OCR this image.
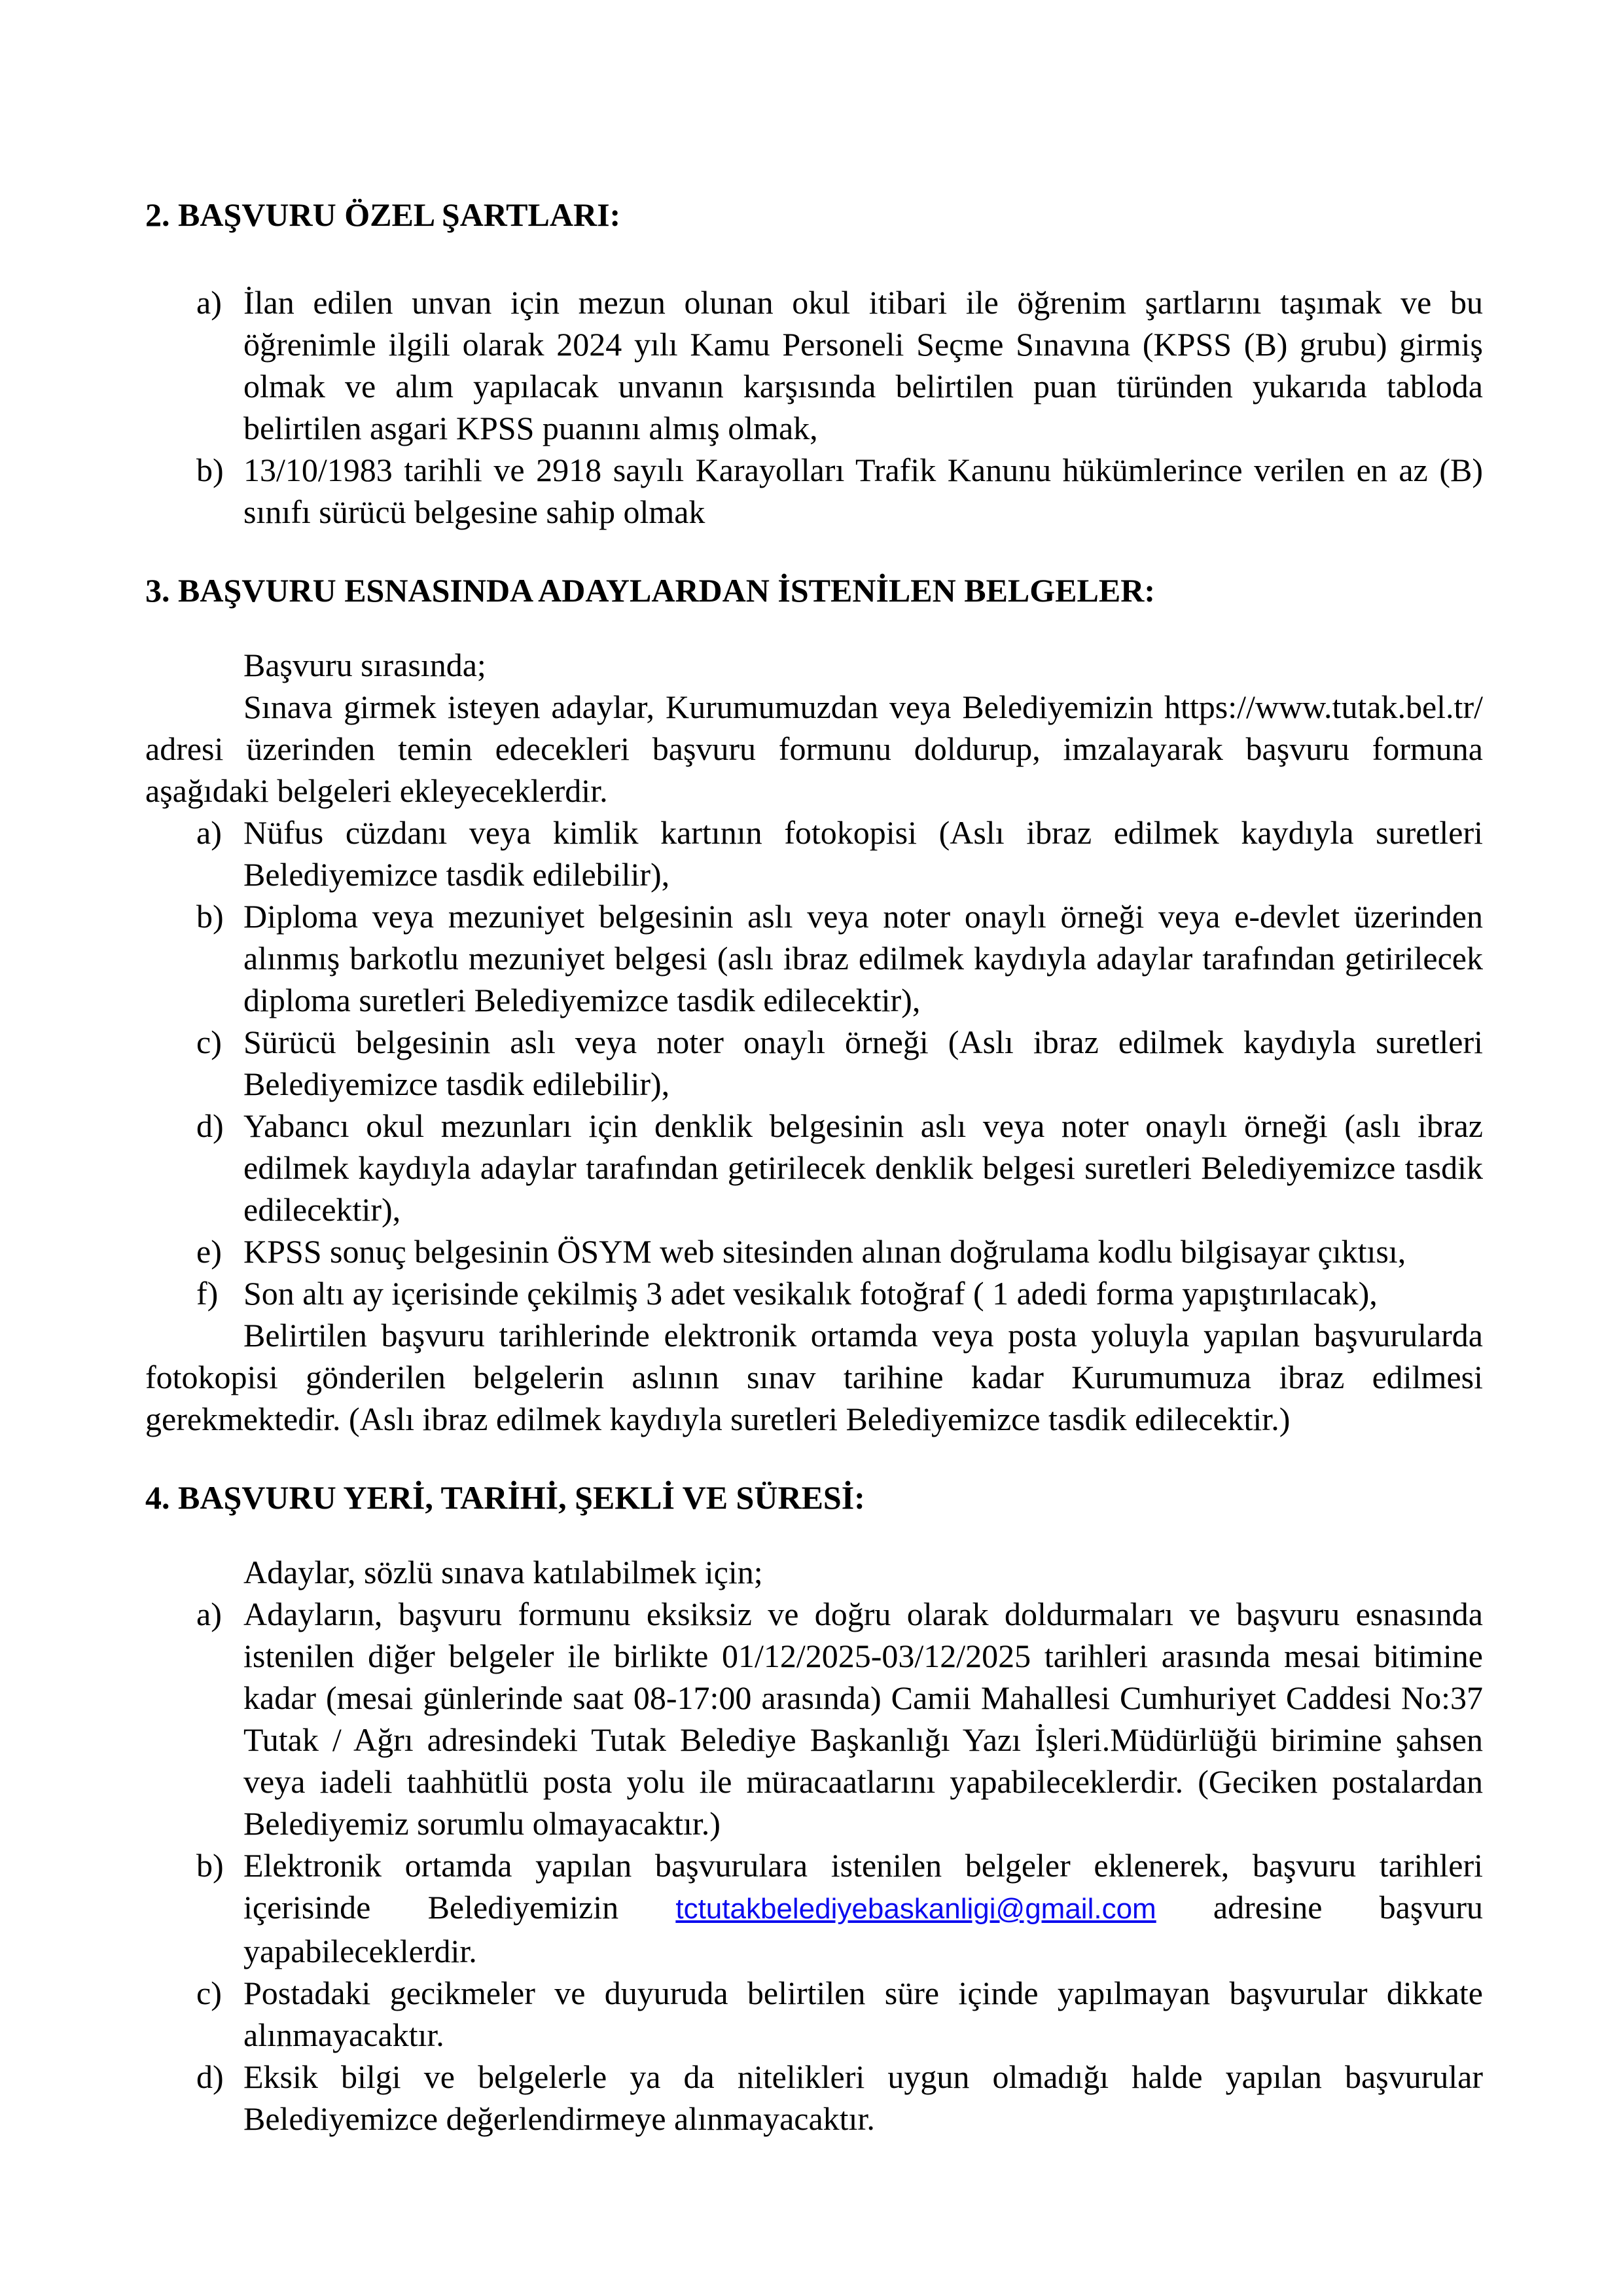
2. BAŞVURU ÖZEL ŞARTLARI:
a) İlan edilen unvan için mezun olunan okul itibari ile öğrenim şartlarını taşımak ve bu öğrenimle ilgili olarak 2024 yılı Kamu Personeli Seçme Sınavına (KPSS (B) grubu) girmiş olmak ve alım yapılacak unvanın karşısında belirtilen puan türünden yukarıda tabloda belirtilen asgari KPSS puanını almış olmak,
b) 13/10/1983 tarihli ve 2918 sayılı Karayolları Trafik Kanunu hükümlerince verilen en az (B) sınıfı sürücü belgesine sahip olmak
3. BAŞVURU ESNASINDA ADAYLARDAN İSTENİLEN BELGELER:

Başvuru sırasında;

Sınava girmek isteyen adaylar, Kurumumuzdan veya Belediyemizin https://www.tutak.bel.tr/ adresi üzerinden temin edecekleri başvuru formunu doldurup, imzalayarak başvuru formuna aşağıdaki belgeleri ekleyeceklerdir.

a) Nüfus cüzdanı veya kimlik kartının fotokopisi (Aslı ibraz edilmek kaydıyla suretleri Belediyemizce tasdik edilebilir),
b) Diploma veya mezuniyet belgesinin aslı veya noter onaylı örneği veya e-devlet üzerinden alınmış barkotlu mezuniyet belgesi (aslı ibraz edilmek kaydıyla adaylar tarafından getirilecek diploma suretleri Belediyemizce tasdik edilecektir),
c) Sürücü belgesinin aslı veya noter onaylı örneği (Aslı ibraz edilmek kaydıyla suretleri Belediyemizce tasdik edilebilir),
d) Yabancı okul mezunları için denklik belgesinin aslı veya noter onaylı örneği (aslı ibraz edilmek kaydıyla adaylar tarafından getirilecek denklik belgesi suretleri Belediyemizce tasdik edilecektir),
e) KPSS sonuç belgesinin ÖSYM web sitesinden alınan doğrulama kodlu bilgisayar çıktısı,
f) Son altı ay içerisinde çekilmiş 3 adet vesikalık fotoğraf ( 1 adedi forma yapıştırılacak),

Belirtilen başvuru tarihlerinde elektronik ortamda veya posta yoluyla yapılan başvurularda fotokopisi gönderilen belgelerin aslının sınav tarihine kadar Kurumumuza ibraz edilmesi gerekmektedir. (Aslı ibraz edilmek kaydıyla suretleri Belediyemizce tasdik edilecektir.)

4. BAŞVURU YERİ, TARİHİ, ŞEKLİ VE SÜRESİ:

Adaylar, sözlü sınava katılabilmek için;

a) Adayların, başvuru formunu eksiksiz ve doğru olarak doldurmaları ve başvuru esnasında istenilen diğer belgeler ile birlikte 01/12/2025-03/12/2025 tarihleri arasında mesai bitimine kadar (mesai günlerinde saat 08-17:00 arasında) Camii Mahallesi Cumhuriyet Caddesi No:37 Tutak / Ağrı adresindeki Tutak Belediye Başkanlığı Yazı İşleri.Müdürlüğü birimine şahsen veya iadeli taahhütlü posta yolu ile müracaatlarını yapabileceklerdir. (Geciken postalardan Belediyemiz sorumlu olmayacaktır.)
b) Elektronik ortamda yapılan başvurulara istenilen belgeler eklenerek, başvuru tarihleri içerisinde Belediyemizin tctutakbelediyebaskanligi@gmail.com adresine başvuru yapabileceklerdir.
c) Postadaki gecikmeler ve duyuruda belirtilen süre içinde yapılmayan başvurular dikkate alınmayacaktır.
d) Eksik bilgi ve belgelerle ya da nitelikleri uygun olmadığı halde yapılan başvurular Belediyemizce değerlendirmeye alınmayacaktır.
